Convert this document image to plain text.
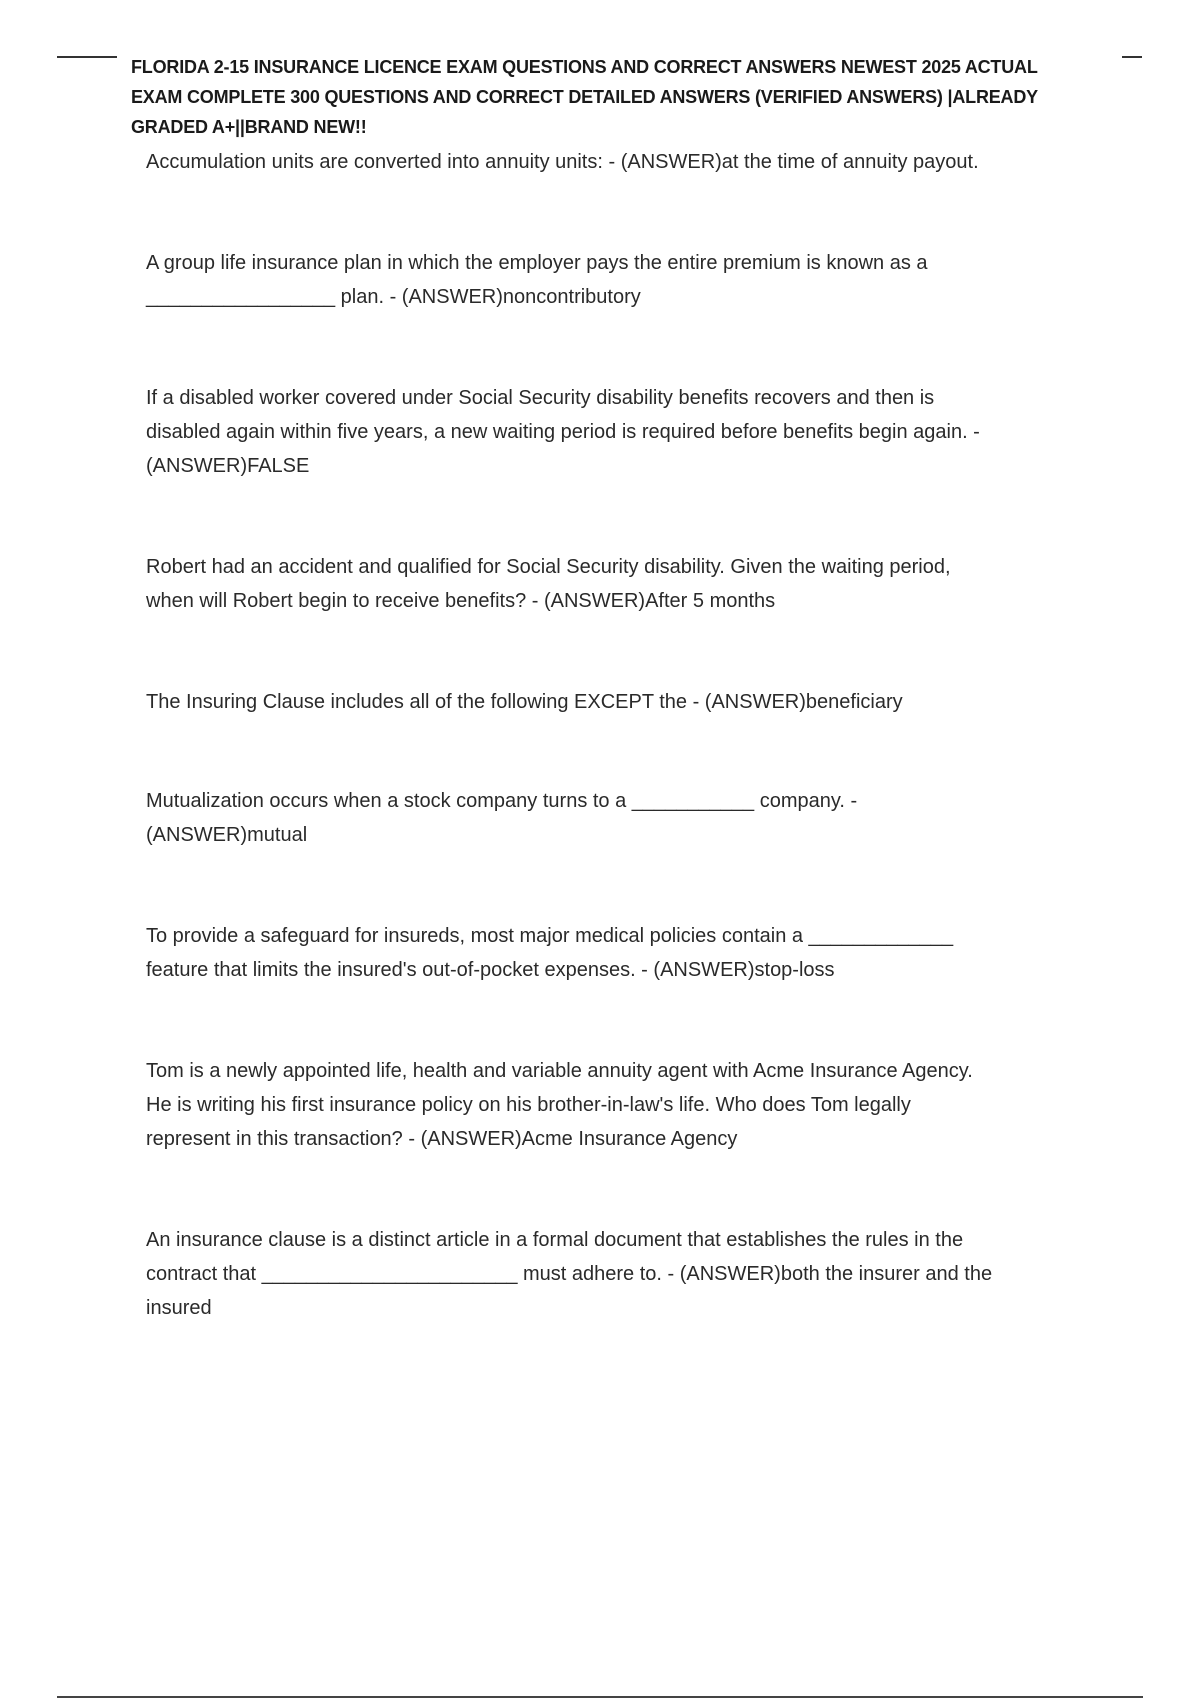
FLORIDA 2-15 INSURANCE LICENCE EXAM QUESTIONS AND CORRECT ANSWERS NEWEST 2025 ACTUAL EXAM COMPLETE 300 QUESTIONS AND CORRECT DETAILED ANSWERS (VERIFIED ANSWERS) |ALREADY GRADED A+||BRAND NEW!!
Accumulation units are converted into annuity units: - (ANSWER)at the time of annuity payout.
A group life insurance plan in which the employer pays the entire premium is known as a
_________________ plan. - (ANSWER)noncontributory
If a disabled worker covered under Social Security disability benefits recovers and then is
disabled again within five years, a new waiting period is required before benefits begin again. -
(ANSWER)FALSE
Robert had an accident and qualified for Social Security disability. Given the waiting period,
when will Robert begin to receive benefits? - (ANSWER)After 5 months
The Insuring Clause includes all of the following EXCEPT the - (ANSWER)beneficiary
Mutualization occurs when a stock company turns to a ___________ company. -
(ANSWER)mutual
To provide a safeguard for insureds, most major medical policies contain a _____________
feature that limits the insured's out-of-pocket expenses. - (ANSWER)stop-loss
Tom is a newly appointed life, health and variable annuity agent with Acme Insurance Agency.
He is writing his first insurance policy on his brother-in-law's life. Who does Tom legally
represent in this transaction? - (ANSWER)Acme Insurance Agency
An insurance clause is a distinct article in a formal document that establishes the rules in the
contract that _______________________ must adhere to. - (ANSWER)both the insurer and the
insured
